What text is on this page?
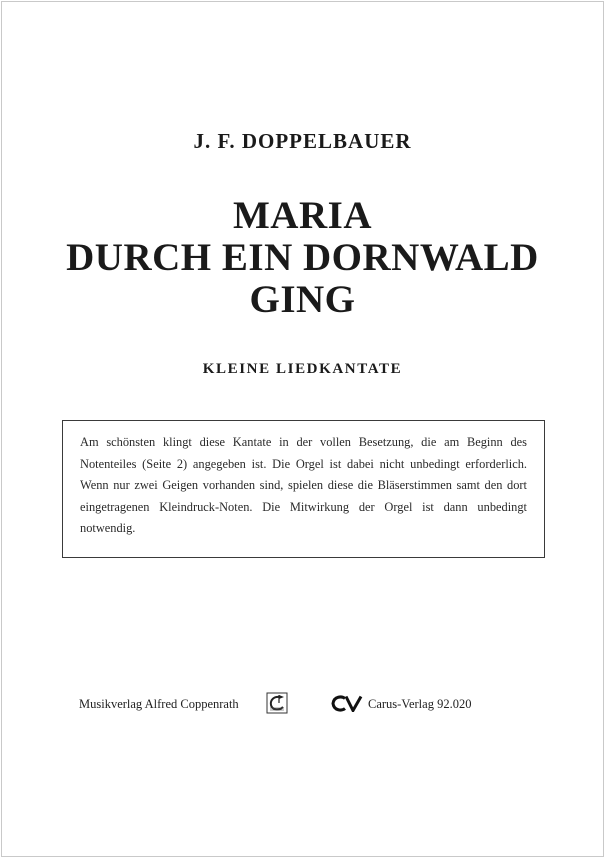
J. F. DOPPELBAUER
MARIA
DURCH EIN DORNWALD
GING
KLEINE LIEDKANTATE

Am schönsten klingt diese Kantate in der vollen Besetzung, die am Beginn des Notenteiles (Seite 2) angegeben ist. Die Orgel ist dabei nicht unbedingt erforderlich. Wenn nur zwei Geigen vorhanden sind, spielen diese die Bläserstimmen samt den dort eingetragenen Kleindruck-Noten. Die Mitwirkung der Orgel ist dann unbedingt notwendig.

Musikverlag Alfred Coppenrath	Carus-Verlag 92.020
